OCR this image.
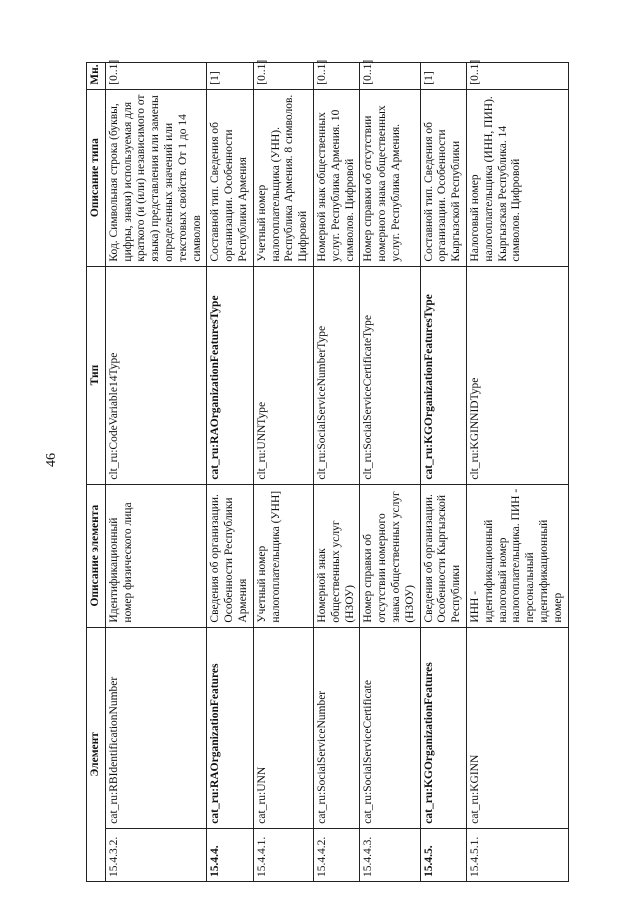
46
Элемент		Описание элемента	Тип	Описание типа	Мн.
15.4.3.2.	cat_ru:RBIdentificationNumber	Идентификационный номер физического лица	clt_ru:CodeVariable14Type	Код. Символьная строка (буквы, цифры, знаки) используемая для краткого (и (или) независимого от языка) представления или замены определенных значений или текстовых свойств. От 1 до 14 символов	[0..1]
15.4.4.	cat_ru:RAOrganizationFeatures	Сведения об организации. Особенности Республики Армения	cat_ru:RAOrganizationFeaturesType	Составной тип. Сведения об организации. Особенности Республики Армения	[1]
15.4.4.1.	cat_ru:UNN	Учетный номер налогоплательщика (УНН]	clt_ru:UNNType	Учетный номер налогоплательщика (УНН). Республика Армения. 8 символов. Цифровой	[0..1]
15.4.4.2.	cat_ru:SocialServiceNumber	Номерной знак общественных услуг (НЗОУ)	clt_ru:SocialServiceNumberType	Номерной знак общественных услуг. Республика Армения. 10 символов. Цифровой	[0..1]
15.4.4.3.	cat_ru:SocialServiceCertificate	Номер справки об отсутствии номерного знака общественных услуг (НЗОУ)	clt_ru:SocialServiceCertificateType	Номер справки об отсутствии номерного знака общественных услуг. Республика Армения.	[0..1]
15.4.5.	cat_ru:KGOrganizationFeatures	Сведения об организации. Особенности Кыргызской Республики	cat_ru:KGOrganizationFeaturesType	Составной тип. Сведения об организации. Особенности Кыргызской Республики	[1]
15.4.5.1.	cat_ru:KGINN	ИНН - идентификационный налоговый номер налогоплательщика. ПИН - персональный идентификационный номер	clt_ru:KGINNIDType	Налоговый номер налогоплательщика (ИНН, ПИН). Кыргызская Республика. 14 символов. Цифровой	[0..1]
